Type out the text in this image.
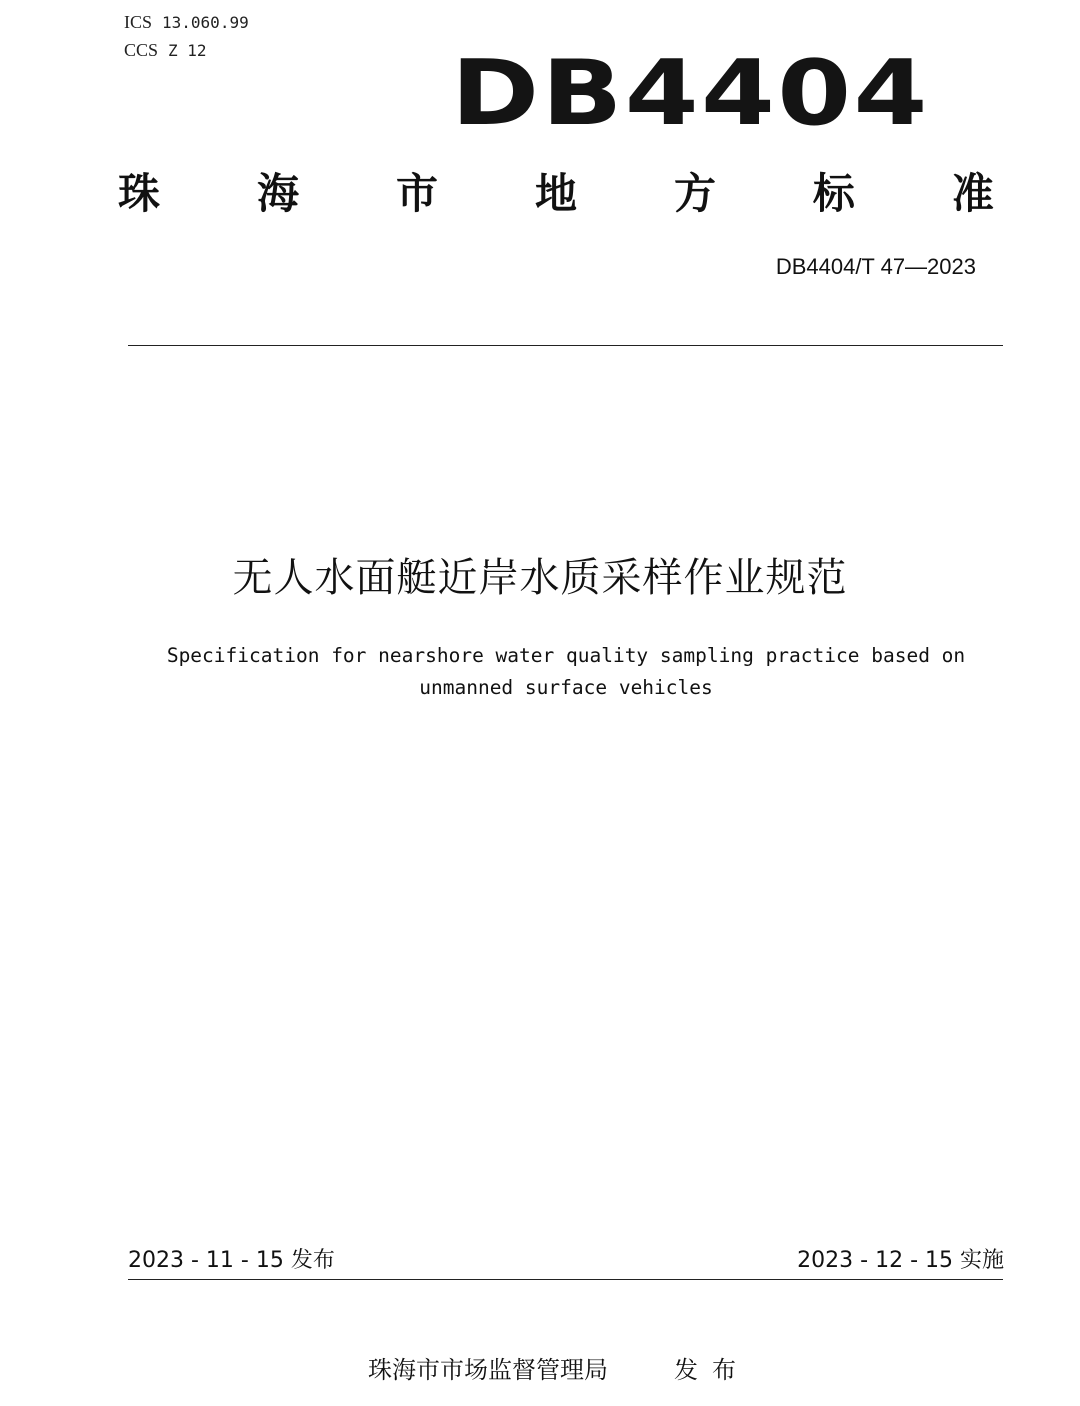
ICS 13.060.99
CCS Z 12	DB4404
珠 海 市 地 方 标 准
DB4404/T 47—2023
无人水面艇近岸水质采样作业规范
Specification for nearshore water quality sampling practice based on
unmanned surface vehicles
2023 - 11 - 15 发布	2023 - 12 - 15 实施
珠海市市场监督管理局	发布
